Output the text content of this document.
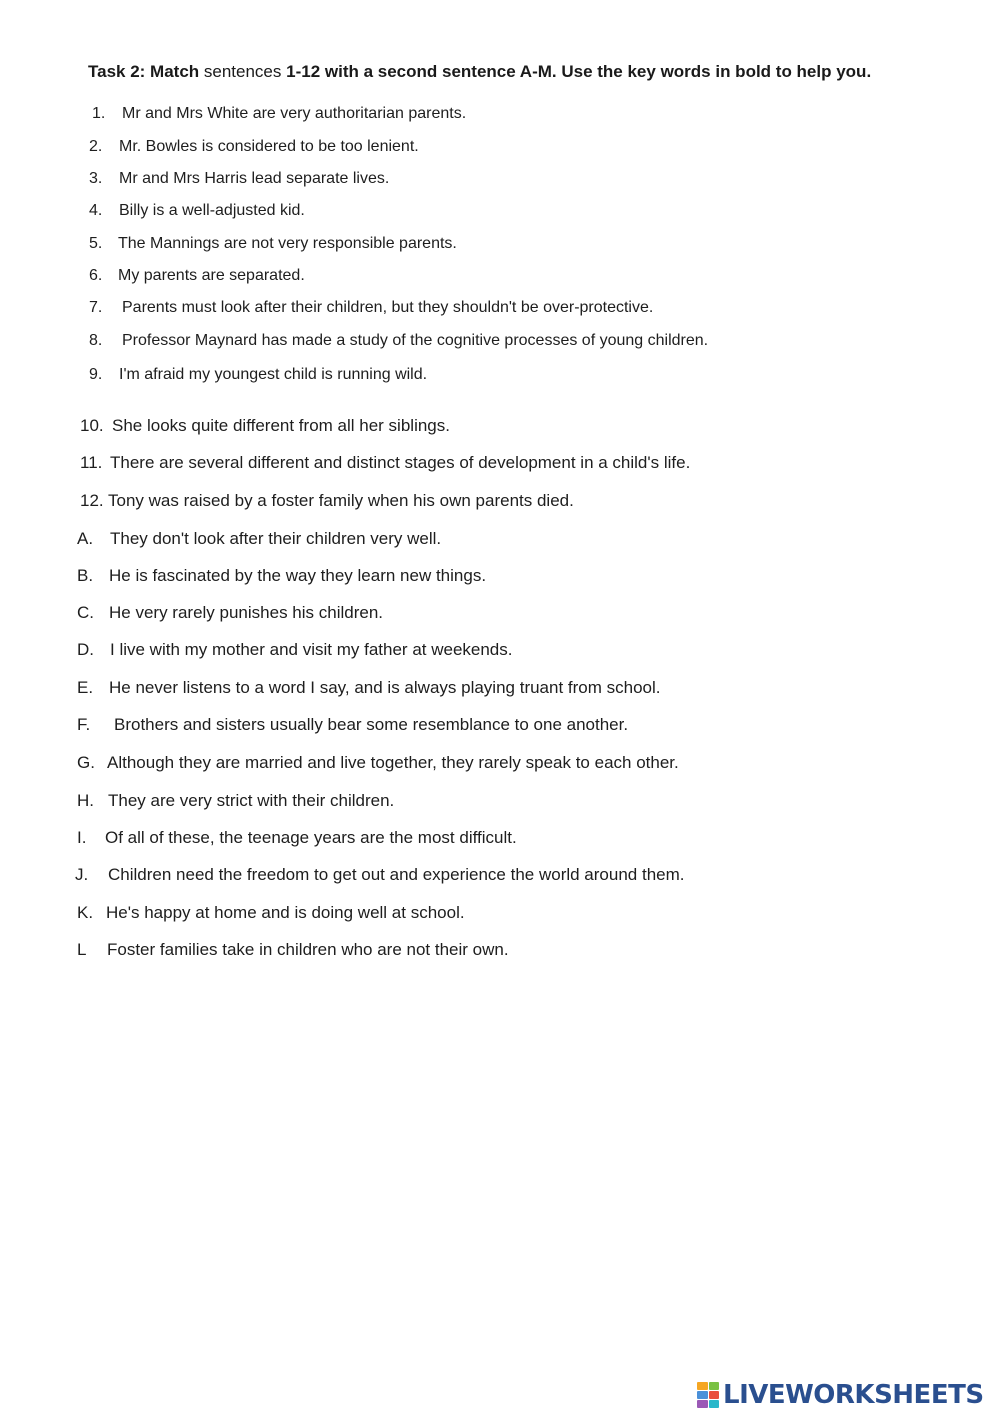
Task 2: Match sentences 1-12 with a second sentence A-M. Use the key words in bold to help you.
1. Mr and Mrs White are very authoritarian parents.
2. Mr. Bowles is considered to be too lenient.
3. Mr and Mrs Harris lead separate lives.
4. Billy is a well-adjusted kid.
5. The Mannings are not very responsible parents.
6. My parents are separated.
7. Parents must look after their children, but they shouldn't be over-protective.
8. Professor Maynard has made a study of the cognitive processes of young children.
9. I'm afraid my youngest child is running wild.
10. She looks quite different from all her siblings.
11. There are several different and distinct stages of development in a child's life.
12. Tony was raised by a foster family when his own parents died.
A. They don't look after their children very well.
B. He is fascinated by the way they learn new things.
C. He very rarely punishes his children.
D. I live with my mother and visit my father at weekends.
E. He never listens to a word I say, and is always playing truant from school.
F. Brothers and sisters usually bear some resemblance to one another.
G. Although they are married and live together, they rarely speak to each other.
H. They are very strict with their children.
I. Of all of these, the teenage years are the most difficult.
J. Children need the freedom to get out and experience the world around them.
K. He's happy at home and is doing well at school.
L Foster families take in children who are not their own.
LIVEWORKSHEETS
